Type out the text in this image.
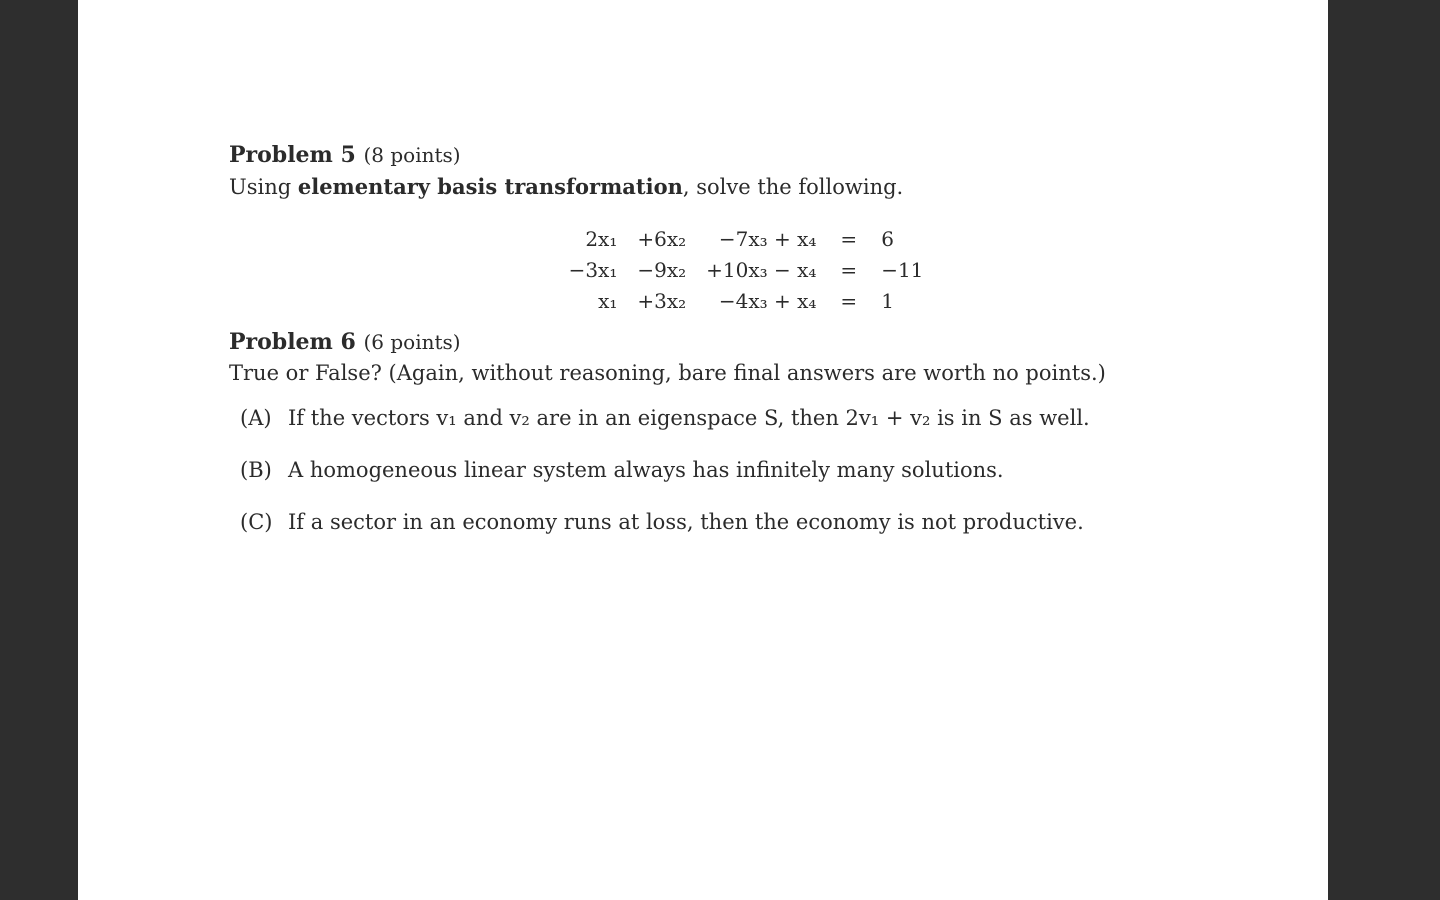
Problem 5 (8 points)
Using elementary basis transformation, solve the following.
2x₁	+6x₂	−7x₃ + x₄	=	6
−3x₁	−9x₂	+10x₃ − x₄	=	−11
x₁	+3x₂	−4x₃ + x₄	=	1
Problem 6 (6 points)
True or False? (Again, without reasoning, bare final answers are worth no points.)
(A) If the vectors v₁ and v₂ are in an eigenspace S, then 2v₁ + v₂ is in S as well.
(B) A homogeneous linear system always has infinitely many solutions.
(C) If a sector in an economy runs at loss, then the economy is not productive.
